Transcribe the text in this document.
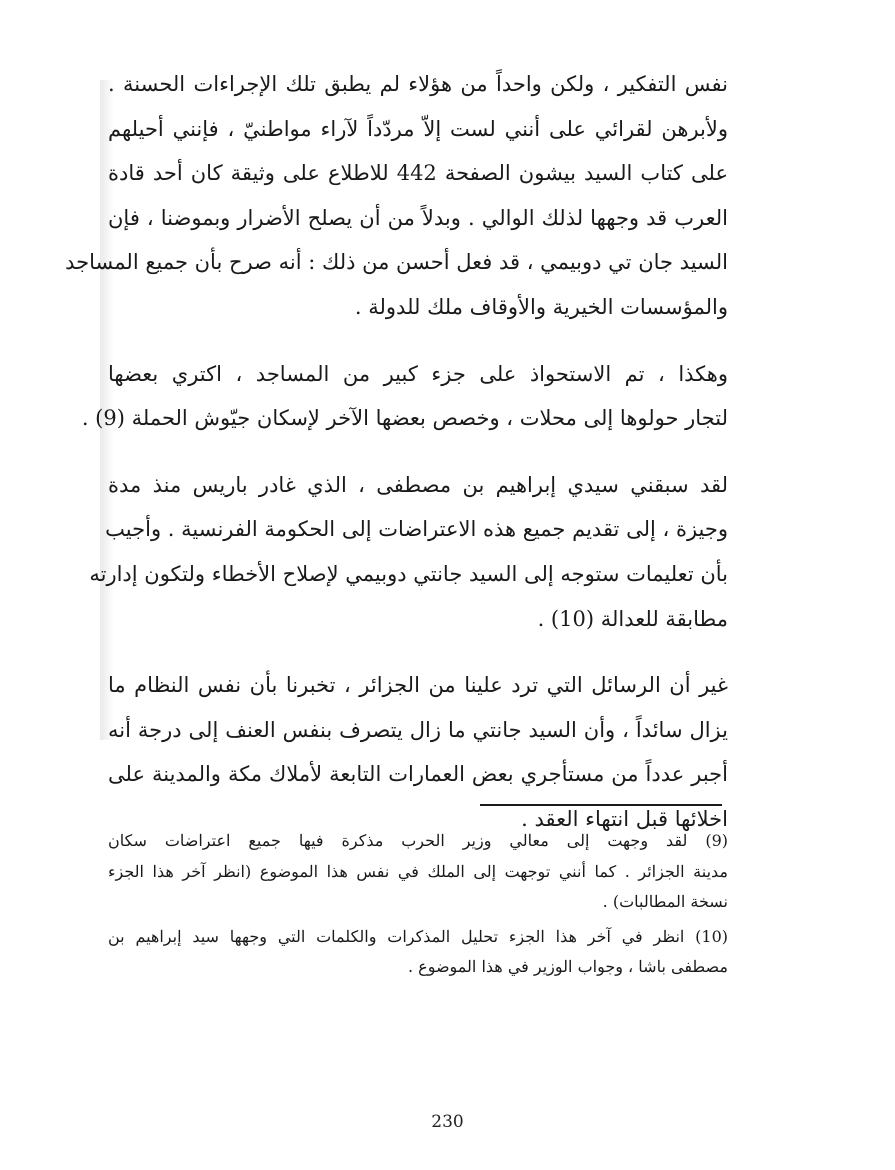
نفس التفكير ، ولكن واحداً من هؤلاء لم يطبق تلك الإجراءات الحسنة .
ولأبرهن لقرائي على أنني لست إلاّ مردّداً لآراء مواطنيّ ، فإنني أحيلهم
على كتاب السيد بيشون الصفحة 442 للاطلاع على وثيقة كان أحد قادة
العرب قد وجهها لذلك الوالي . وبدلاً من أن يصلح الأضرار وبموضنا ، فإن
السيد جان تي دوبيمي ، قد فعل أحسن من ذلك : أنه صرح بأن جميع المساجد
والمؤسسات الخيرية والأوقاف ملك للدولة .
وهكذا ، تم الاستحواذ على جزء كبير من المساجد ، اكتري بعضها
لتجار حولوها إلى محلات ، وخصص بعضها الآخر لإسكان جيّوش الحملة (9) .
لقد سبقني سيدي إبراهيم بن مصطفى ، الذي غادر باريس منذ مدة
وجيزة ، إلى تقديم جميع هذه الاعتراضات إلى الحكومة الفرنسية . وأجيب
بأن تعليمات ستوجه إلى السيد جانتي دوبيمي لإصلاح الأخطاء ولتكون إدارته
مطابقة للعدالة (10) .
غير أن الرسائل التي ترد علينا من الجزائر ، تخبرنا بأن نفس النظام ما
يزال سائداً ، وأن السيد جانتي ما زال يتصرف بنفس العنف إلى درجة أنه
أجبر عدداً من مستأجري بعض العمارات التابعة لأملاك مكة والمدينة على
اخلائها قبل انتهاء العقد .
(9) لقد وجهت إلى معالي وزير الحرب مذكرة فيها جميع اعتراضات سكان
مدينة الجزائر . كما أنني توجهت إلى الملك في نفس هذا الموضوع (انظر آخر هذا الجزء
نسخة المطالبات) .
(10) انظر في آخر هذا الجزء تحليل المذكرات والكلمات التي وجهها سيد إبراهيم بن
مصطفى باشا ، وجواب الوزير في هذا الموضوع .
230
